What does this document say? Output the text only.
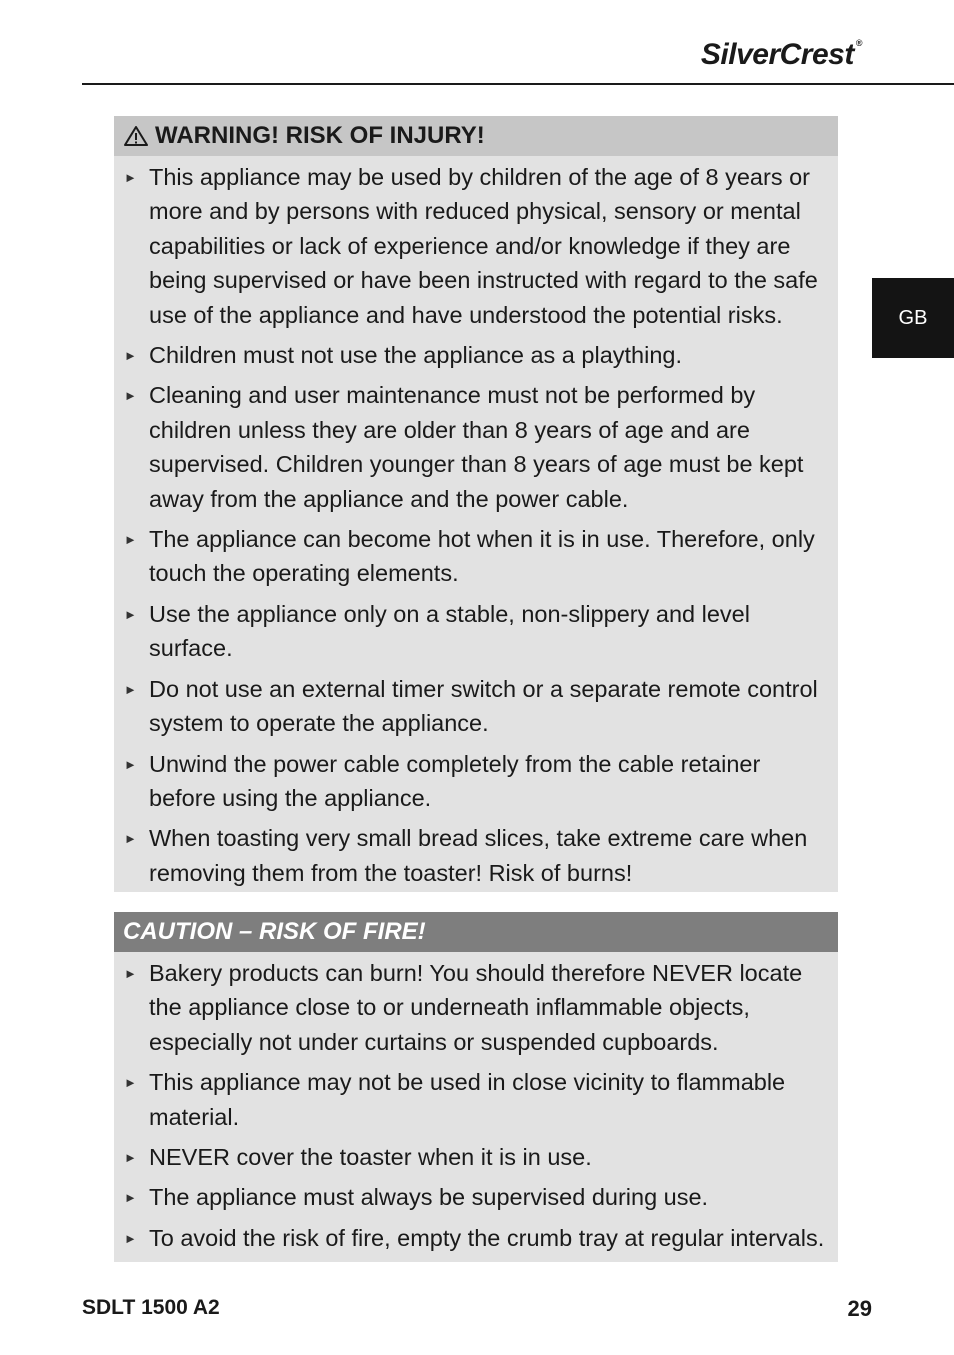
SilverCrest ®
GB
WARNING! RISK OF INJURY!
► This appliance may be used by children of the age of 8 years or more and by persons with reduced physical, sensory or mental capabilities or lack of experience and/or knowledge if they are being supervised or have been instructed with regard to the safe use of the appliance and have understood the potential risks.
► Children must not use the appliance as a plaything.
► Cleaning and user maintenance must not be performed by children unless they are older than 8 years of age and are supervised. Children younger than 8 years of age must be kept away from the appliance and the power cable.
► The appliance can become hot when it is in use. Therefore, only touch the operating elements.
► Use the appliance only on a stable, non-slippery and level surface.
► Do not use an external timer switch or a separate remote control system to operate the appliance.
► Unwind the power cable completely from the cable retainer before using the appliance.
► When toasting very small bread slices, take extreme care when removing them from the toaster! Risk of burns!
CAUTION – RISK OF FIRE!
► Bakery products can burn! You should therefore NEVER locate the appliance close to or underneath inflammable objects, especially not under curtains or suspended cupboards.
► This appliance may not be used in close vicinity to flammable material.
► NEVER cover the toaster when it is in use.
► The appliance must always be supervised during use.
► To avoid the risk of fire, empty the crumb tray at regular intervals.
SDLT 1500 A2	29
